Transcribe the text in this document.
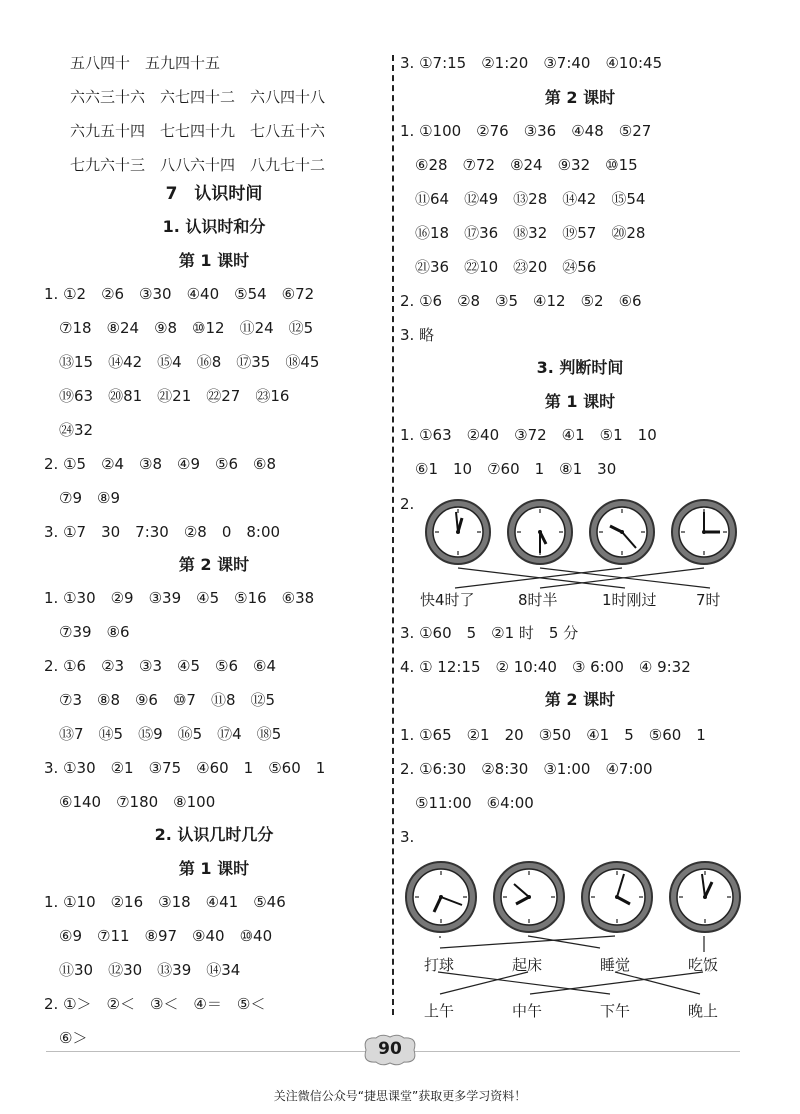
五八四十　五九四十五
六六三十六　六七四十二　六八四十八
六九五十四　七七四十九　七八五十六
七九六十三　八八六十四　八九七十二
7　认识时间
1. 认识时和分
第 1 课时
1. ①2　②6　③30　④40　⑤54　⑥72
　⑦18　⑧24　⑨8　⑩12　⑪24　⑫5
　⑬15　⑭42　⑮4　⑯8　⑰35　⑱45
　⑲63　⑳81　㉑21　㉒27　㉓16
　㉔32
2. ①5　②4　③8　④9　⑤6　⑥8
　⑦9　⑧9
3. ①7　30　7:30　②8　0　8:00
第 2 课时
1. ①30　②9　③39　④5　⑤16　⑥38
　⑦39　⑧6
2. ①6　②3　③3　④5　⑤6　⑥4
　⑦3　⑧8　⑨6　⑩7　⑪8　⑫5
　⑬7　⑭5　⑮9　⑯5　⑰4　⑱5
3. ①30　②1　③75　④60　1　⑤60　1
　⑥140　⑦180　⑧100
2. 认识几时几分
第 1 课时
1. ①10　②16　③18　④41　⑤46
　⑥9　⑦11　⑧97　⑨40　⑩40
　⑪30　⑫30　⑬39　⑭34
2. ①＞　②＜　③＜　④＝　⑤＜
　⑥＞
3. ①7:15　②1:20　③7:40　④10:45
第 2 课时
1. ①100　②76　③36　④48　⑤27
　⑥28　⑦72　⑧24　⑨32　⑩15
　⑪64　⑫49　⑬28　⑭42　⑮54
　⑯18　⑰36　⑱32　⑲57　⑳28
　㉑36　㉒10　㉓20　㉔56
2. ①6　②8　③5　④12　⑤2　⑥6
3. 略
3. 判断时间
第 1 课时
1. ①63　②40　③72　④1　⑤1　10
　⑥1　10　⑦60　1　⑧1　30
2.
快4时了	8时半	1时刚过	7时
3. ①60　5　②1 时　5 分
4. ① 12:15　② 10:40　③ 6:00　④ 9:32
第 2 课时
1. ①65　②1　20　③50　④1　5　⑤60　1
2. ①6:30　②8:30　③1:00　④7:00
　⑤11:00　⑥4:00
3.
打球	起床	睡觉	吃饭
上午	中午	下午	晚上
90
关注微信公众号“捷思课堂”获取更多学习资料！
